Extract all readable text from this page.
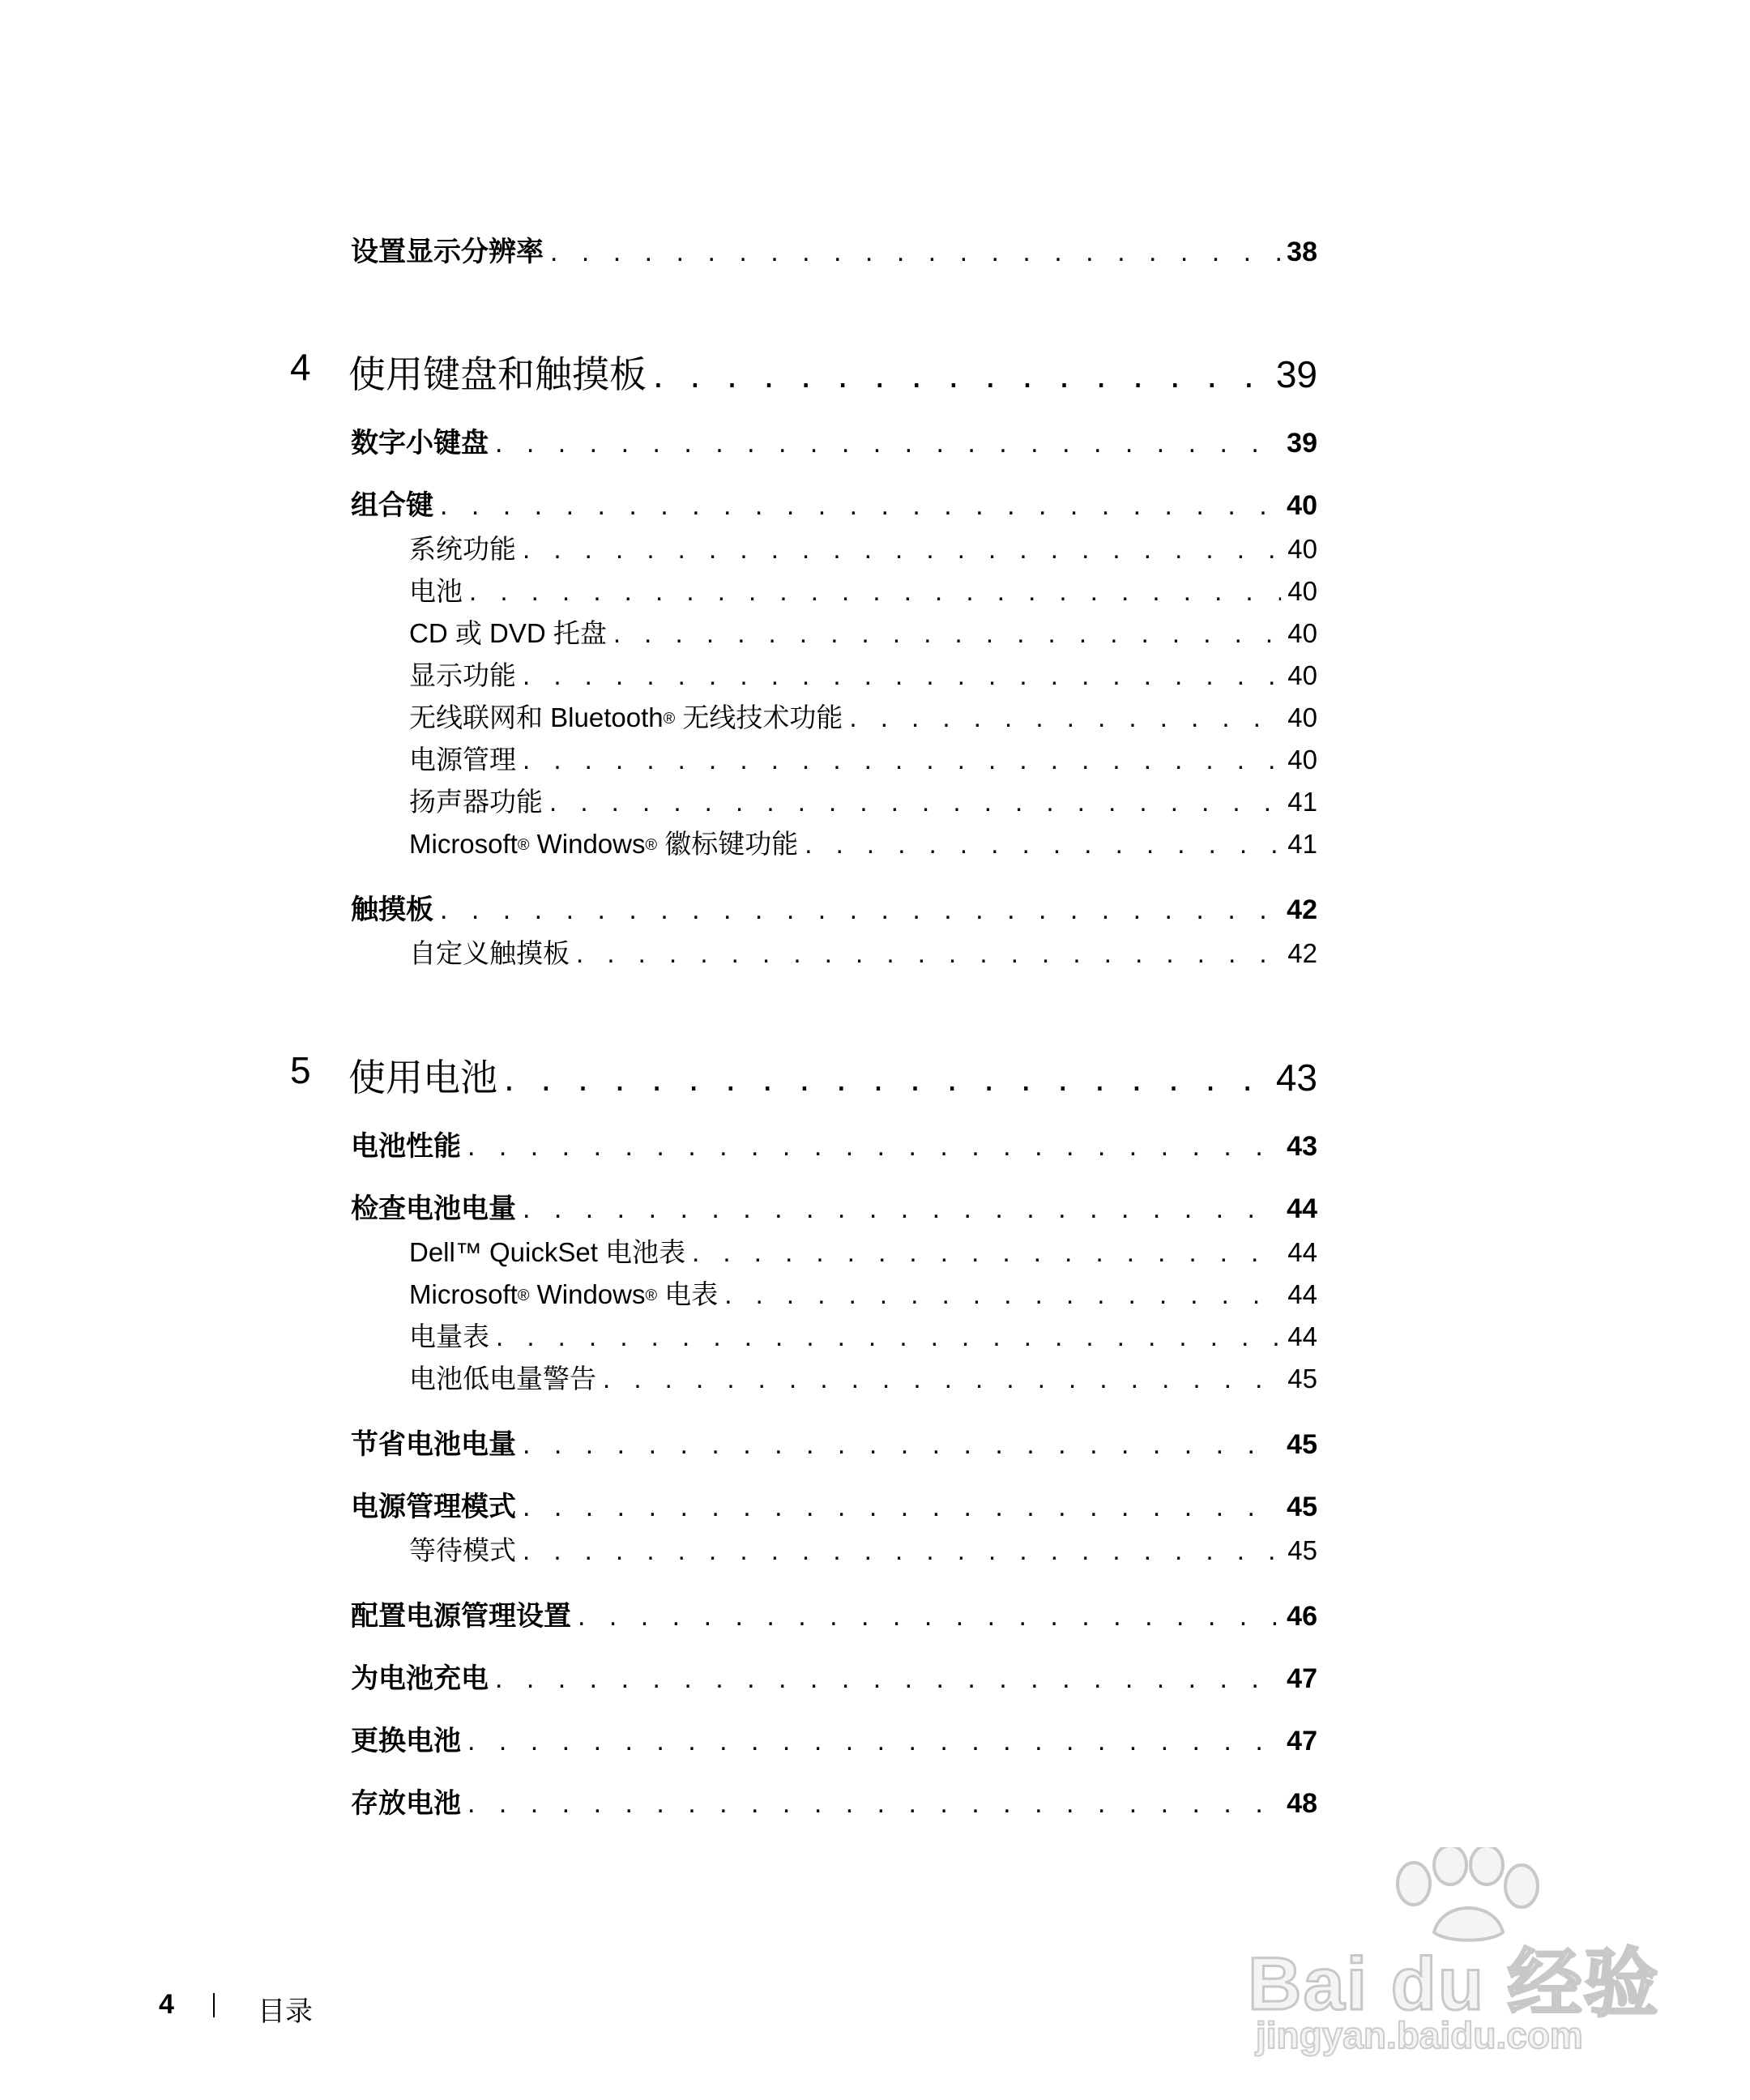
设置显示分辨率 . . .	38
4 使用键盘和触摸板 . . .	39
数字小键盘 . . .	39
组合键 . . .	40
系统功能 . . .	40
电池 . . .	40
CD 或 DVD 托盘 . . .	40
显示功能 . . .	40
无线联网和 Bluetooth® 无线技术功能 . . .	40
电源管理 . . .	40
扬声器功能 . . .	41
Microsoft® Windows® 徽标键功能 . . .	41
触摸板 . . .	42
自定义触摸板 . . .	42
5 使用电池 . . .	43
电池性能 . . .	43
检查电池电量 . . .	44
Dell™ QuickSet 电池表 . . .	44
Microsoft® Windows® 电表 . . .	44
电量表 . . .	44
电池低电量警告 . . .	45
节省电池电量 . . .	45
电源管理模式 . . .	45
等待模式 . . .	45
配置电源管理设置 . . .	46
为电池充电 . . .	47
更换电池 . . .	47
存放电池 . . .	48
4	目录	Bai du 经验
jingyan.baidu.com
